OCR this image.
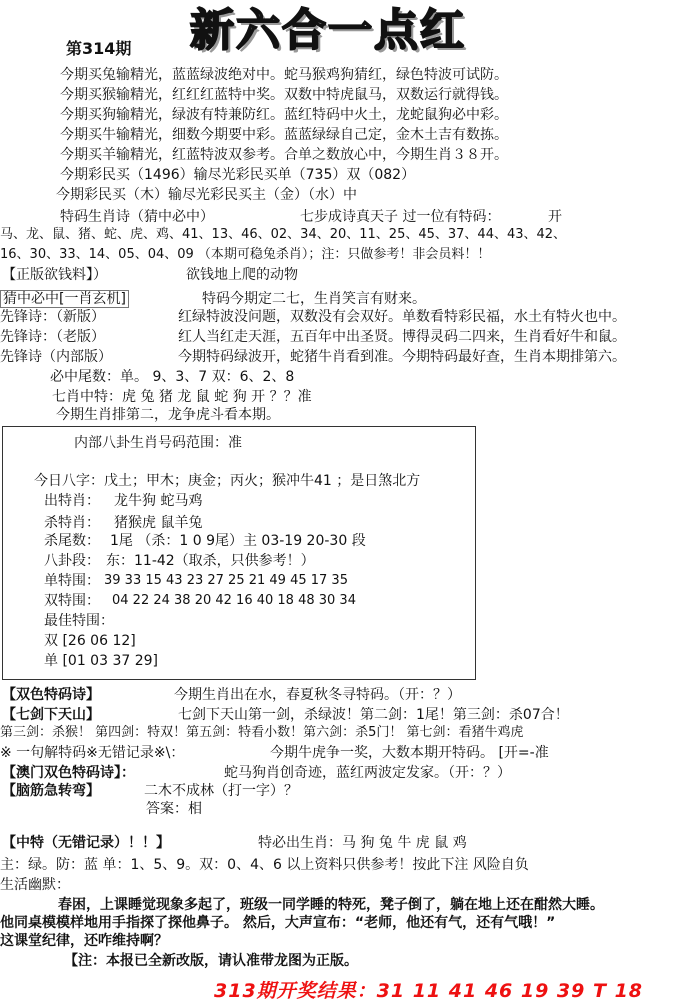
新六合一点红
第314期
今期买兔输精光，蓝蓝绿波绝对中。蛇马猴鸡狗猜红，绿色特波可试防。
今期买猴输精光，红红红蓝特中奖。双数中特虎鼠马，双数运行就得钱。
今期买狗输精光，绿波有特兼防红。蓝红特码中火土，龙蛇鼠狗必中彩。
今期买牛输精光，细数今期要中彩。蓝蓝绿绿自己定，金木土吉有数拣。
今期买羊输精光，红蓝特波双参考。合单之数放心中，今期生肖３８开。
今期彩民买（1496）输尽光彩民买单（735）双（082）
今期彩民买（木）输尽光彩民买主（金）（水）中
特码生肖诗（猜中必中）	七步成诗真天子 过一位有特码：	开
马、龙、鼠、猪、蛇、虎、鸡、41、13、46、02、34、20、11、25、45、37、44、43、42、
16、30、33、14、05、04、09 （本期可稳兔杀肖）；注：只做参考！非会员料！！
【正版欲钱料】）	欲钱地上爬的动物
猜中必中[一肖玄机]	特码今期定二七，生肖笑言有财来。
先锋诗：（新版）	红绿特波没问题，双数没有会双好。单数看特彩民福，水土有特火也中。
先锋诗：（老版）	红人当红走天涯，五百年中出圣贤。博得灵码二四来，生肖看好牛和鼠。
先锋诗（内部版）	今期特码绿波开，蛇猪牛肖看到准。今期特码最好查，生肖本期排第六。
必中尾数：单。 9、3、7 双：6、2、8
七肖中特：虎 兔 猪 龙 鼠 蛇 狗 开 ？？准
今期生肖排第二，龙争虎斗看本期。
内部八卦生肖号码范围：准
今日八字：戊土；甲木；庚金；丙火；猴冲牛41 ；是日煞北方
出特肖： 龙牛狗 蛇马鸡
杀特肖： 猪猴虎 鼠羊兔
杀尾数： 1尾 （杀：1 0 9尾）主 03-19 20-30 段
八卦段： 东：11-42（取杀，只供参考！）
单特围： 39 33 15 43 23 27 25 21 49 45 17 35
双特围： 04 22 24 38 20 42 16 40 18 48 30 34
最佳特围：
双 [26 06 12]
单 [01 03 37 29]
【双色特码诗】	今期生肖出在水，春夏秋冬寻特码。（开：？）
【七剑下天山】	七剑下天山第一剑，杀绿波！第二剑：1尾！第三剑：杀07合！
第三剑：杀猴！ 第四剑：特双！第五剑：特看小数！第六剑：杀5门！ 第七剑：看猪牛鸡虎
※ 一句解特码※无错记录※\：	今期牛虎争一奖，大数本期开特码。 [开=-准
【澳门双色特码诗】：	蛇马狗肖创奇迹，蓝红两波定发家。（开：？）
【脑筋急转弯】	二木不成林（打一字）？
答案：相
【中特（无错记录）！！】	特必出生肖：马 狗 兔 牛 虎 鼠 鸡
主：绿。防：蓝 单：1、5、9。双：0、4、6 以上资料只供参考！按此下注 风险自负
生活幽默：
春困，上课睡觉现象多起了，班级一同学睡的特死，凳子倒了，躺在地上还在酣然大睡。
他同桌模模样地用手指探了探他鼻子。 然后，大声宣布：“老师，他还有气，还有气哦！”
这课堂纪律，还咋维持啊？
【注：本报已全新改版，请认准带龙图为正版。
313期开奖结果：31 11 41 46 19 39 T 18
